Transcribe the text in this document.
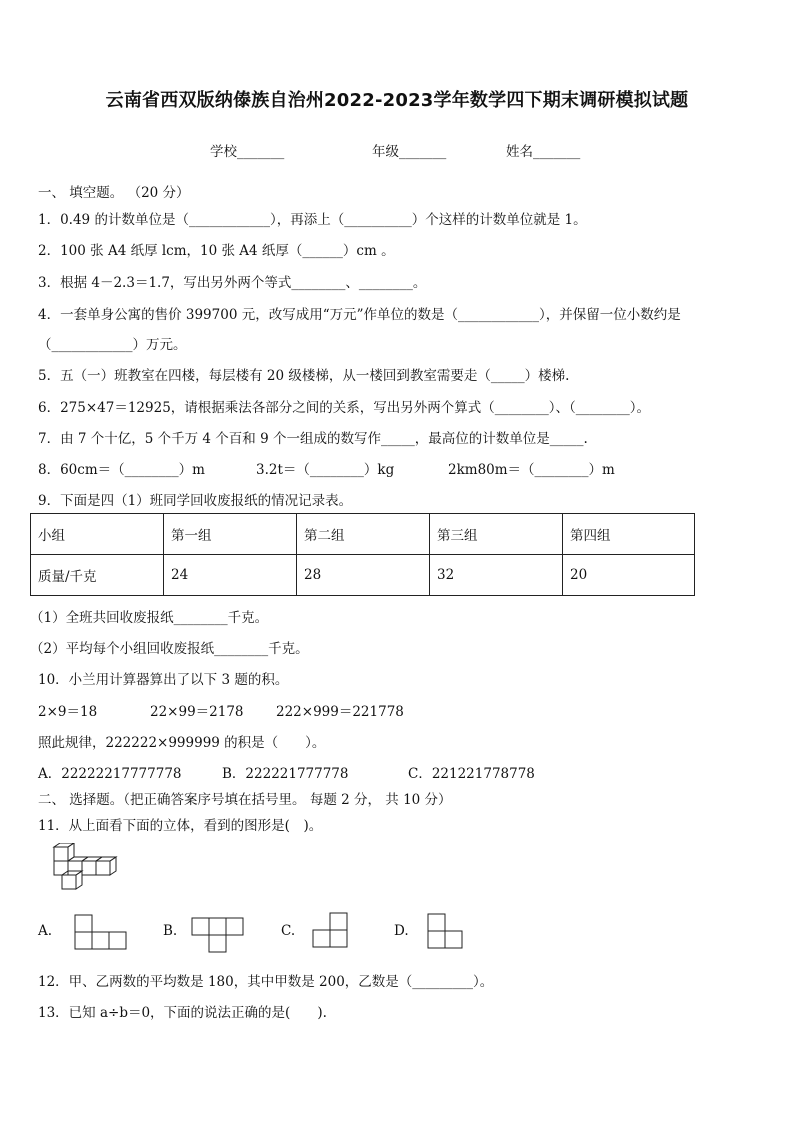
云南省西双版纳傣族自治州2022-2023学年数学四下期末调研模拟试题
学校_______	年级_______	姓名_______
一、 填空题。 （20 分）
1．0.49 的计数单位是（____________），再添上（__________）个这样的计数单位就是 1。
2．100 张 A4 纸厚 lcm，10 张 A4 纸厚（______）cm 。
3．根据 4－2.3＝1.7，写出另外两个等式________、________。
4．一套单身公寓的售价 399700 元，改写成用“万元”作单位的数是（____________），并保留一位小数约是
（____________）万元。
5．五（一）班教室在四楼，每层楼有 20 级楼梯，从一楼回到教室需要走（_____）楼梯.
6．275×47＝12925，请根据乘法各部分之间的关系，写出另外两个算式（________）、（________）。
7．由 7 个十亿，5 个千万 4 个百和 9 个一组成的数写作_____，最高位的计数单位是_____.
8．60cm＝（________）m	3.2t＝（________）kg	2km80m＝（________）m
9．下面是四（1）班同学回收废报纸的情况记录表。
小组	第一组	第二组	第三组	第四组
质量/千克	24	28	32	20
（1）全班共回收废报纸________千克。
（2）平均每个小组回收废报纸________千克。
10．小兰用计算器算出了以下 3 题的积。
2×9＝18	22×99＝2178 222×999＝221778
照此规律，222222×999999 的积是（　　）。
A．22222217777778	B．222221777778	C．221221778778
二、 选择题。（把正确答案序号填在括号里。 每题 2 分， 共 10 分）
11．从上面看下面的立体，看到的图形是(　)。
A.	B.	C.	D.
12．甲、乙两数的平均数是 180，其中甲数是 200，乙数是（_________）。
13．已知 a÷b＝0，下面的说法正确的是(　　).
